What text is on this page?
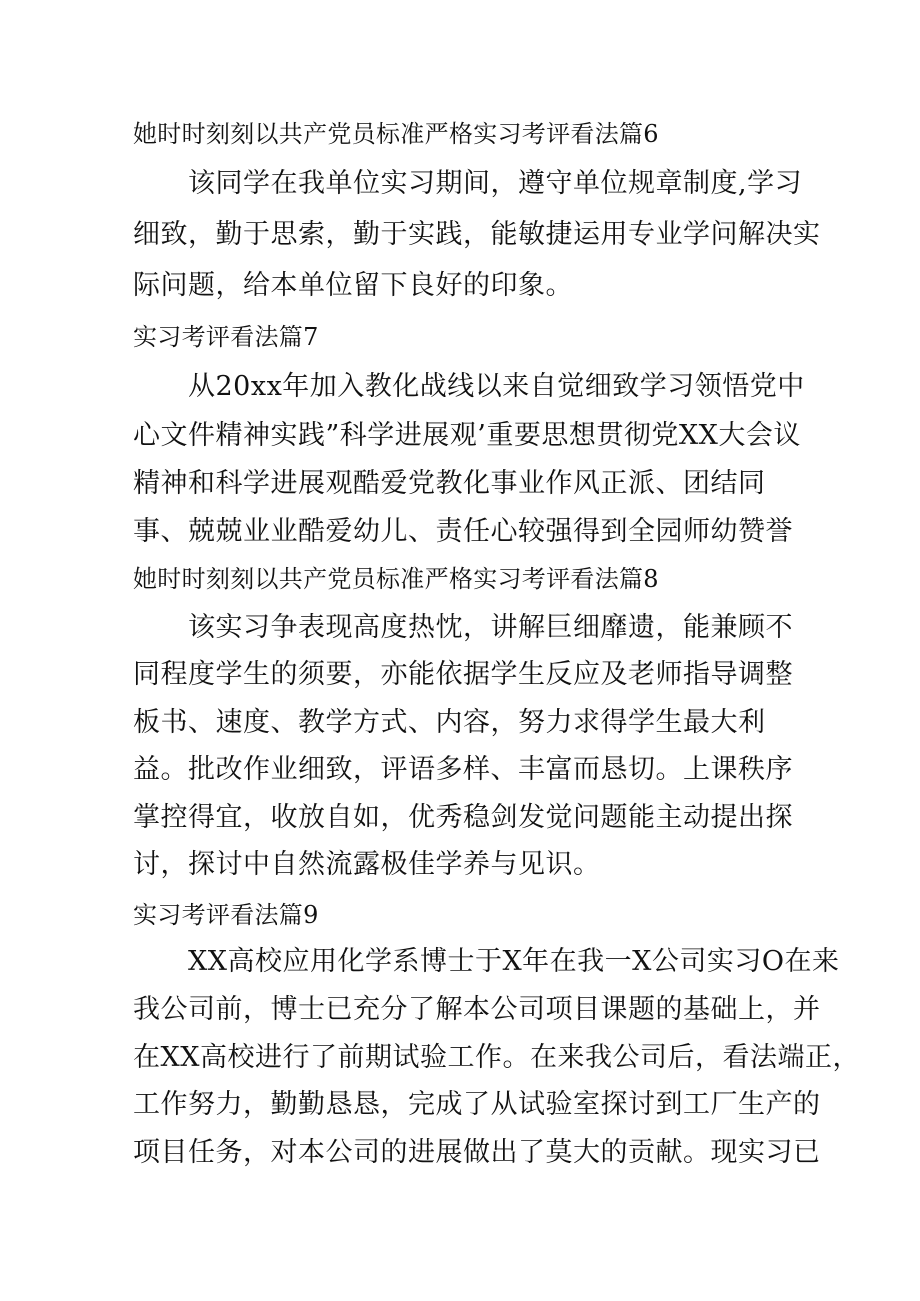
她时时刻刻以共产党员标准严格实习考评看法篇6
该同学在我单位实习期间，遵守单位规章制度,学习
细致，勤于思索，勤于实践，能敏捷运用专业学问解决实
际问题，给本单位留下良好的印象。
实习考评看法篇7
从20xx年加入教化战线以来自觉细致学习领悟党中
心文件精神实践”科学进展观’重要思想贯彻党XX大会议
精神和科学进展观酷爱党教化事业作风正派、团结同
事、兢兢业业酷爱幼儿、责任心较强得到全园师幼赞誉
她时时刻刻以共产党员标准严格实习考评看法篇8
该实习争表现高度热忱，讲解巨细靡遗，能兼顾不
同程度学生的须要，亦能依据学生反应及老师指导调整
板书、速度、教学方式、内容，努力求得学生最大利
益。批改作业细致，评语多样、丰富而恳切。上课秩序
掌控得宜，收放自如，优秀稳剑发觉问题能主动提出探
讨，探讨中自然流露极佳学养与见识。
实习考评看法篇9
XX高校应用化学系博士于X年在我一X公司实习O在来
我公司前，博士已充分了解本公司项目课题的基础上，并
在XX高校进行了前期试验工作。在来我公司后，看法端正，
工作努力，勤勤恳恳，完成了从试验室探讨到工厂生产的
项目任务，对本公司的进展做出了莫大的贡献。现实习已
